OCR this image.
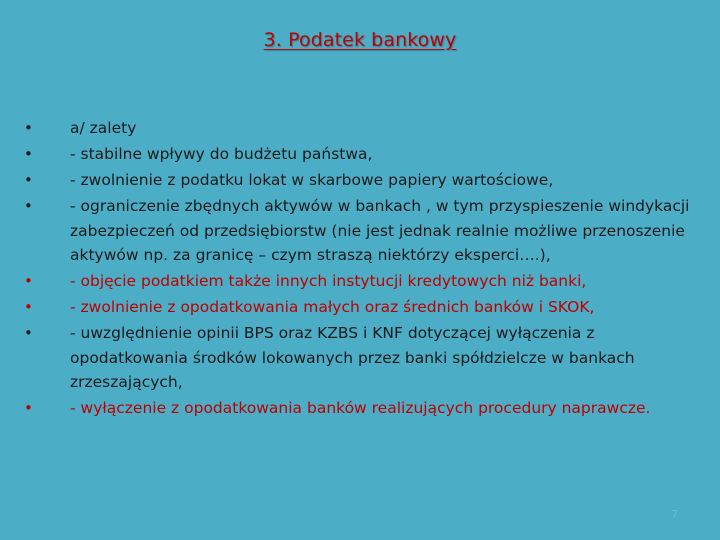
3. Podatek bankowy
•	a/ zalety
•	- stabilne wpływy do budżetu państwa,
•	- zwolnienie z podatku lokat w skarbowe papiery wartościowe,
•	- ograniczenie zbędnych aktywów w bankach , w tym przyspieszenie windykacji zabezpieczeń od przedsiębiorstw (nie jest jednak realnie możliwe przenoszenie aktywów np. za granicę – czym straszą niektórzy eksperci….),
•	- objęcie podatkiem także innych instytucji kredytowych niż banki,
•	- zwolnienie z opodatkowania małych oraz średnich banków i SKOK,
•	- uwzględnienie opinii BPS oraz KZBS i KNF dotyczącej wyłączenia z opodatkowania środków lokowanych przez banki spółdzielcze w bankach zrzeszających,
•	- wyłączenie z opodatkowania banków realizujących procedury naprawcze.
7
